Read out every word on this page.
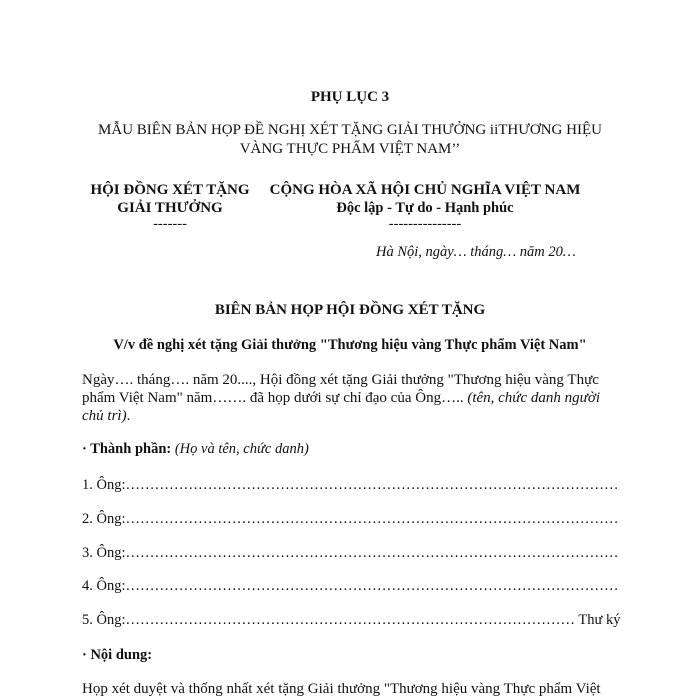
PHỤ LỤC 3
MẪU BIÊN BẢN HỌP ĐỀ NGHỊ XÉT TẶNG GIẢI THƯỞNG iiTHƯƠNG HIỆU
VÀNG THỰC PHẨM VIỆT NAM’’
HỘI ĐỒNG XÉT TẶNG
GIẢI THƯỞNG
-------
CỘNG HÒA XÃ HỘI CHỦ NGHĨA VIỆT NAM
Độc lập - Tự do - Hạnh phúc
---------------
Hà Nội, ngày… tháng… năm 20…
BIÊN BẢN HỌP HỘI ĐỒNG XÉT TẶNG
V/v đề nghị xét tặng Giải thưởng "Thương hiệu vàng Thực phẩm Việt Nam"
Ngày…. tháng…. năm 20...., Hội đồng xét tặng Giải thưởng "Thương hiệu vàng Thực
phẩm Việt Nam" năm……. đã họp dưới sự chỉ đạo của Ông….. (tên, chức danh người
chủ trì).
· Thành phần: (Họ và tên, chức danh)
1. Ông:…………………………………………………………………………………………
2. Ông:…………………………………………………………………………………………
3. Ông:…………………………………………………………………………………………
4. Ông:…………………………………………………………………………………………
5. Ông:………………………………………………………………………………… Thư ký
· Nội dung:
Họp xét duyệt và thống nhất xét tặng Giải thưởng "Thương hiệu vàng Thực phẩm Việt
